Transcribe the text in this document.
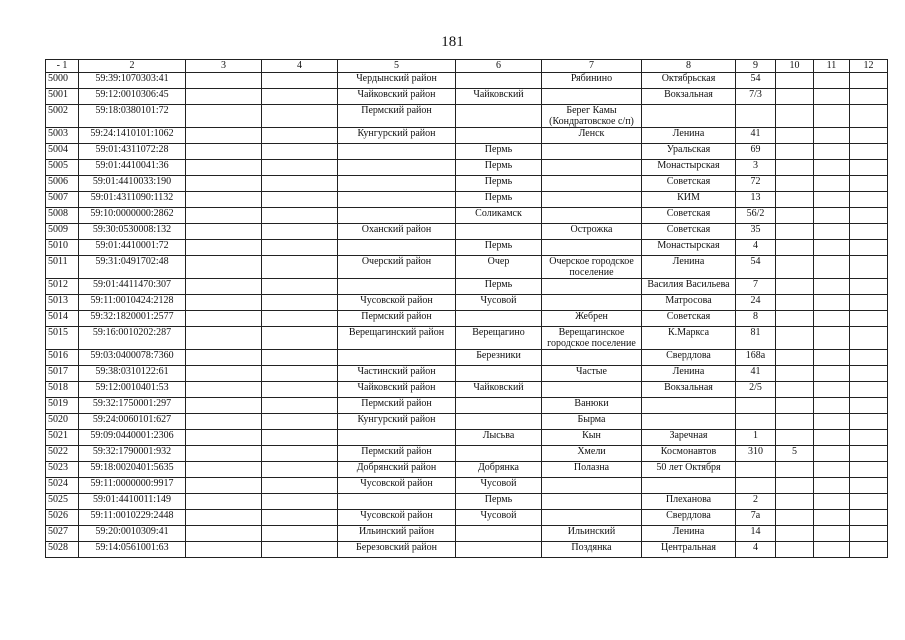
181
- 1	2	3	4	5	6	7	8	9	10	11	12
5000	59:39:1070303:41			Чердынский район		Рябинино	Октябрьская	54			
5001	59:12:0010306:45			Чайковский район	Чайковский		Вокзальная	7/3			
5002	59:18:0380101:72			Пермский район		Берег Камы (Кондратовское с/п)					
5003	59:24:1410101:1062			Кунгурский район		Ленск	Ленина	41			
5004	59:01:4311072:28				Пермь		Уральская	69			
5005	59:01:4410041:36				Пермь		Монастырская	3			
5006	59:01:4410033:190				Пермь		Советская	72			
5007	59:01:4311090:1132				Пермь		КИМ	13			
5008	59:10:0000000:2862				Соликамск		Советская	56/2			
5009	59:30:0530008:132			Оханский район		Острожка	Советская	35			
5010	59:01:4410001:72				Пермь		Монастырская	4			
5011	59:31:0491702:48			Очерский район	Очер	Очерское городское поселение	Ленина	54			
5012	59:01:4411470:307				Пермь		Василия Васильева	7			
5013	59:11:0010424:2128			Чусовской район	Чусовой		Матросова	24			
5014	59:32:1820001:2577			Пермский район		Жебрен	Советская	8			
5015	59:16:0010202:287			Верещагинский район	Верещагино	Верещагинское городское поселение	К.Маркса	81			
5016	59:03:0400078:7360				Березники		Свердлова	168а			
5017	59:38:0310122:61			Частинский район		Частые	Ленина	41			
5018	59:12:0010401:53			Чайковский район	Чайковский		Вокзальная	2/5			
5019	59:32:1750001:297			Пермский район		Ванюки					
5020	59:24:0060101:627			Кунгурский район		Бырма					
5021	59:09:0440001:2306				Лысьва	Кын	Заречная	1			
5022	59:32:1790001:932			Пермский район		Хмели	Космонавтов	310	5		
5023	59:18:0020401:5635			Добрянский район	Добрянка	Полазна	50 лет Октября				
5024	59:11:0000000:9917			Чусовской район	Чусовой						
5025	59:01:4410011:149				Пермь		Плеханова	2			
5026	59:11:0010229:2448			Чусовской район	Чусовой		Свердлова	7а			
5027	59:20:0010309:41			Ильинский район		Ильинский	Ленина	14			
5028	59:14:0561001:63			Березовский район		Поздянка	Центральная	4			
